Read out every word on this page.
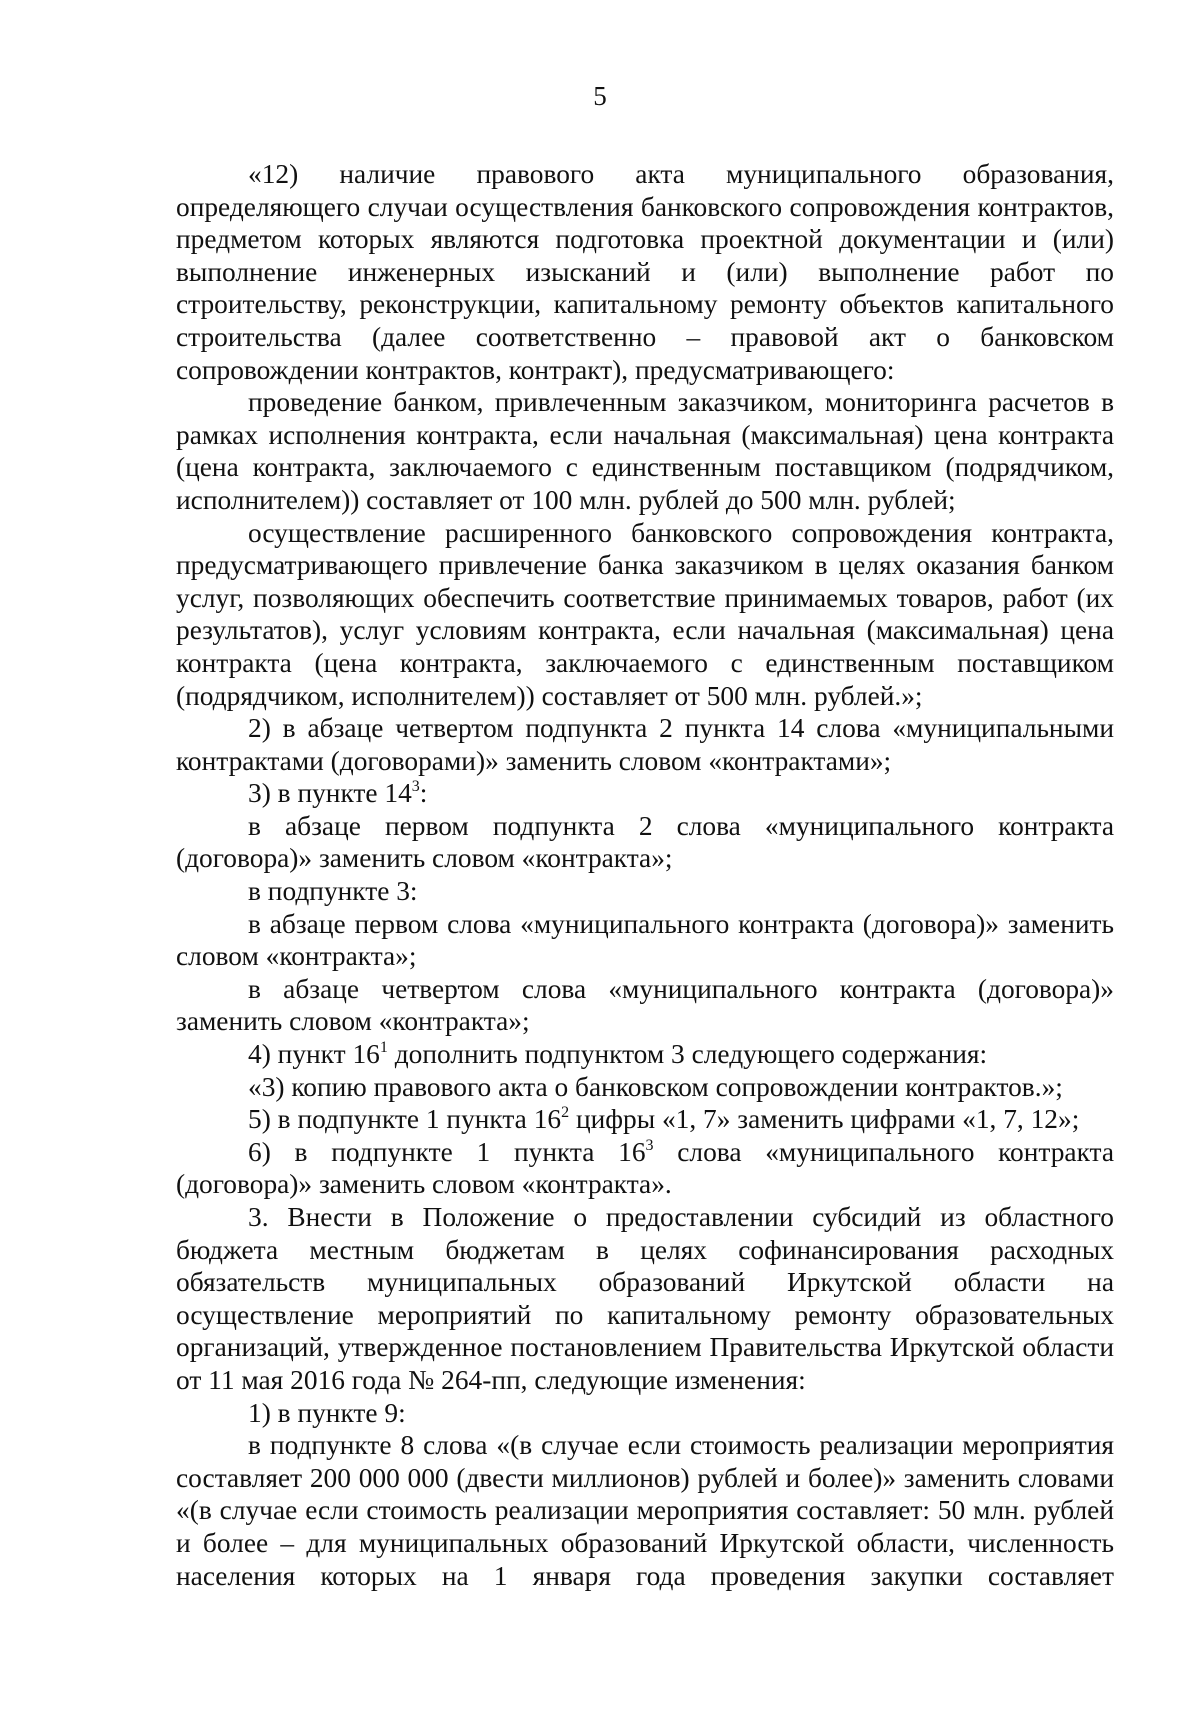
5

«12) наличие правового акта муниципального образования, определяющего случаи осуществления банковского сопровождения контрактов, предметом которых являются подготовка проектной документации и (или) выполнение инженерных изысканий и (или) выполнение работ по строительству, реконструкции, капитальному ремонту объектов капитального строительства (далее соответственно – правовой акт о банковском сопровождении контрактов, контракт), предусматривающего:

проведение банком, привлеченным заказчиком, мониторинга расчетов в рамках исполнения контракта, если начальная (максимальная) цена контракта (цена контракта, заключаемого с единственным поставщиком (подрядчиком, исполнителем)) составляет от 100 млн. рублей до 500 млн. рублей;

осуществление расширенного банковского сопровождения контракта, предусматривающего привлечение банка заказчиком в целях оказания банком услуг, позволяющих обеспечить соответствие принимаемых товаров, работ (их результатов), услуг условиям контракта, если начальная (максимальная) цена контракта (цена контракта, заключаемого с единственным поставщиком (подрядчиком, исполнителем)) составляет от 500 млн. рублей.»;

2) в абзаце четвертом подпункта 2 пункта 14 слова «муниципальными контрактами (договорами)» заменить словом «контрактами»;

3) в пункте $14^3$:

в абзаце первом подпункта 2 слова «муниципального контракта (договора)» заменить словом «контракта»;

в подпункте 3:

в абзаце первом слова «муниципального контракта (договора)» заменить словом «контракта»;

в абзаце четвертом слова «муниципального контракта (договора)» заменить словом «контракта»;

4) пункт $16^1$ дополнить подпунктом 3 следующего содержания:

«3) копию правового акта о банковском сопровождении контрактов.»;

5) в подпункте 1 пункта $16^2$ цифры «1, 7» заменить цифрами «1, 7, 12»;

6) в подпункте 1 пункта $16^3$ слова «муниципального контракта (договора)» заменить словом «контракта».

3. Внести в Положение о предоставлении субсидий из областного бюджета местным бюджетам в целях софинансирования расходных обязательств муниципальных образований Иркутской области на осуществление мероприятий по капитальному ремонту образовательных организаций, утвержденное постановлением Правительства Иркутской области от 11 мая 2016 года № 264-пп, следующие изменения:

1) в пункте 9:

в подпункте 8 слова «(в случае если стоимость реализации мероприятия составляет 200 000 000 (двести миллионов) рублей и более)» заменить словами «(в случае если стоимость реализации мероприятия составляет: 50 млн. рублей и более – для муниципальных образований Иркутской области, численность населения которых на 1 января года проведения закупки составляет
